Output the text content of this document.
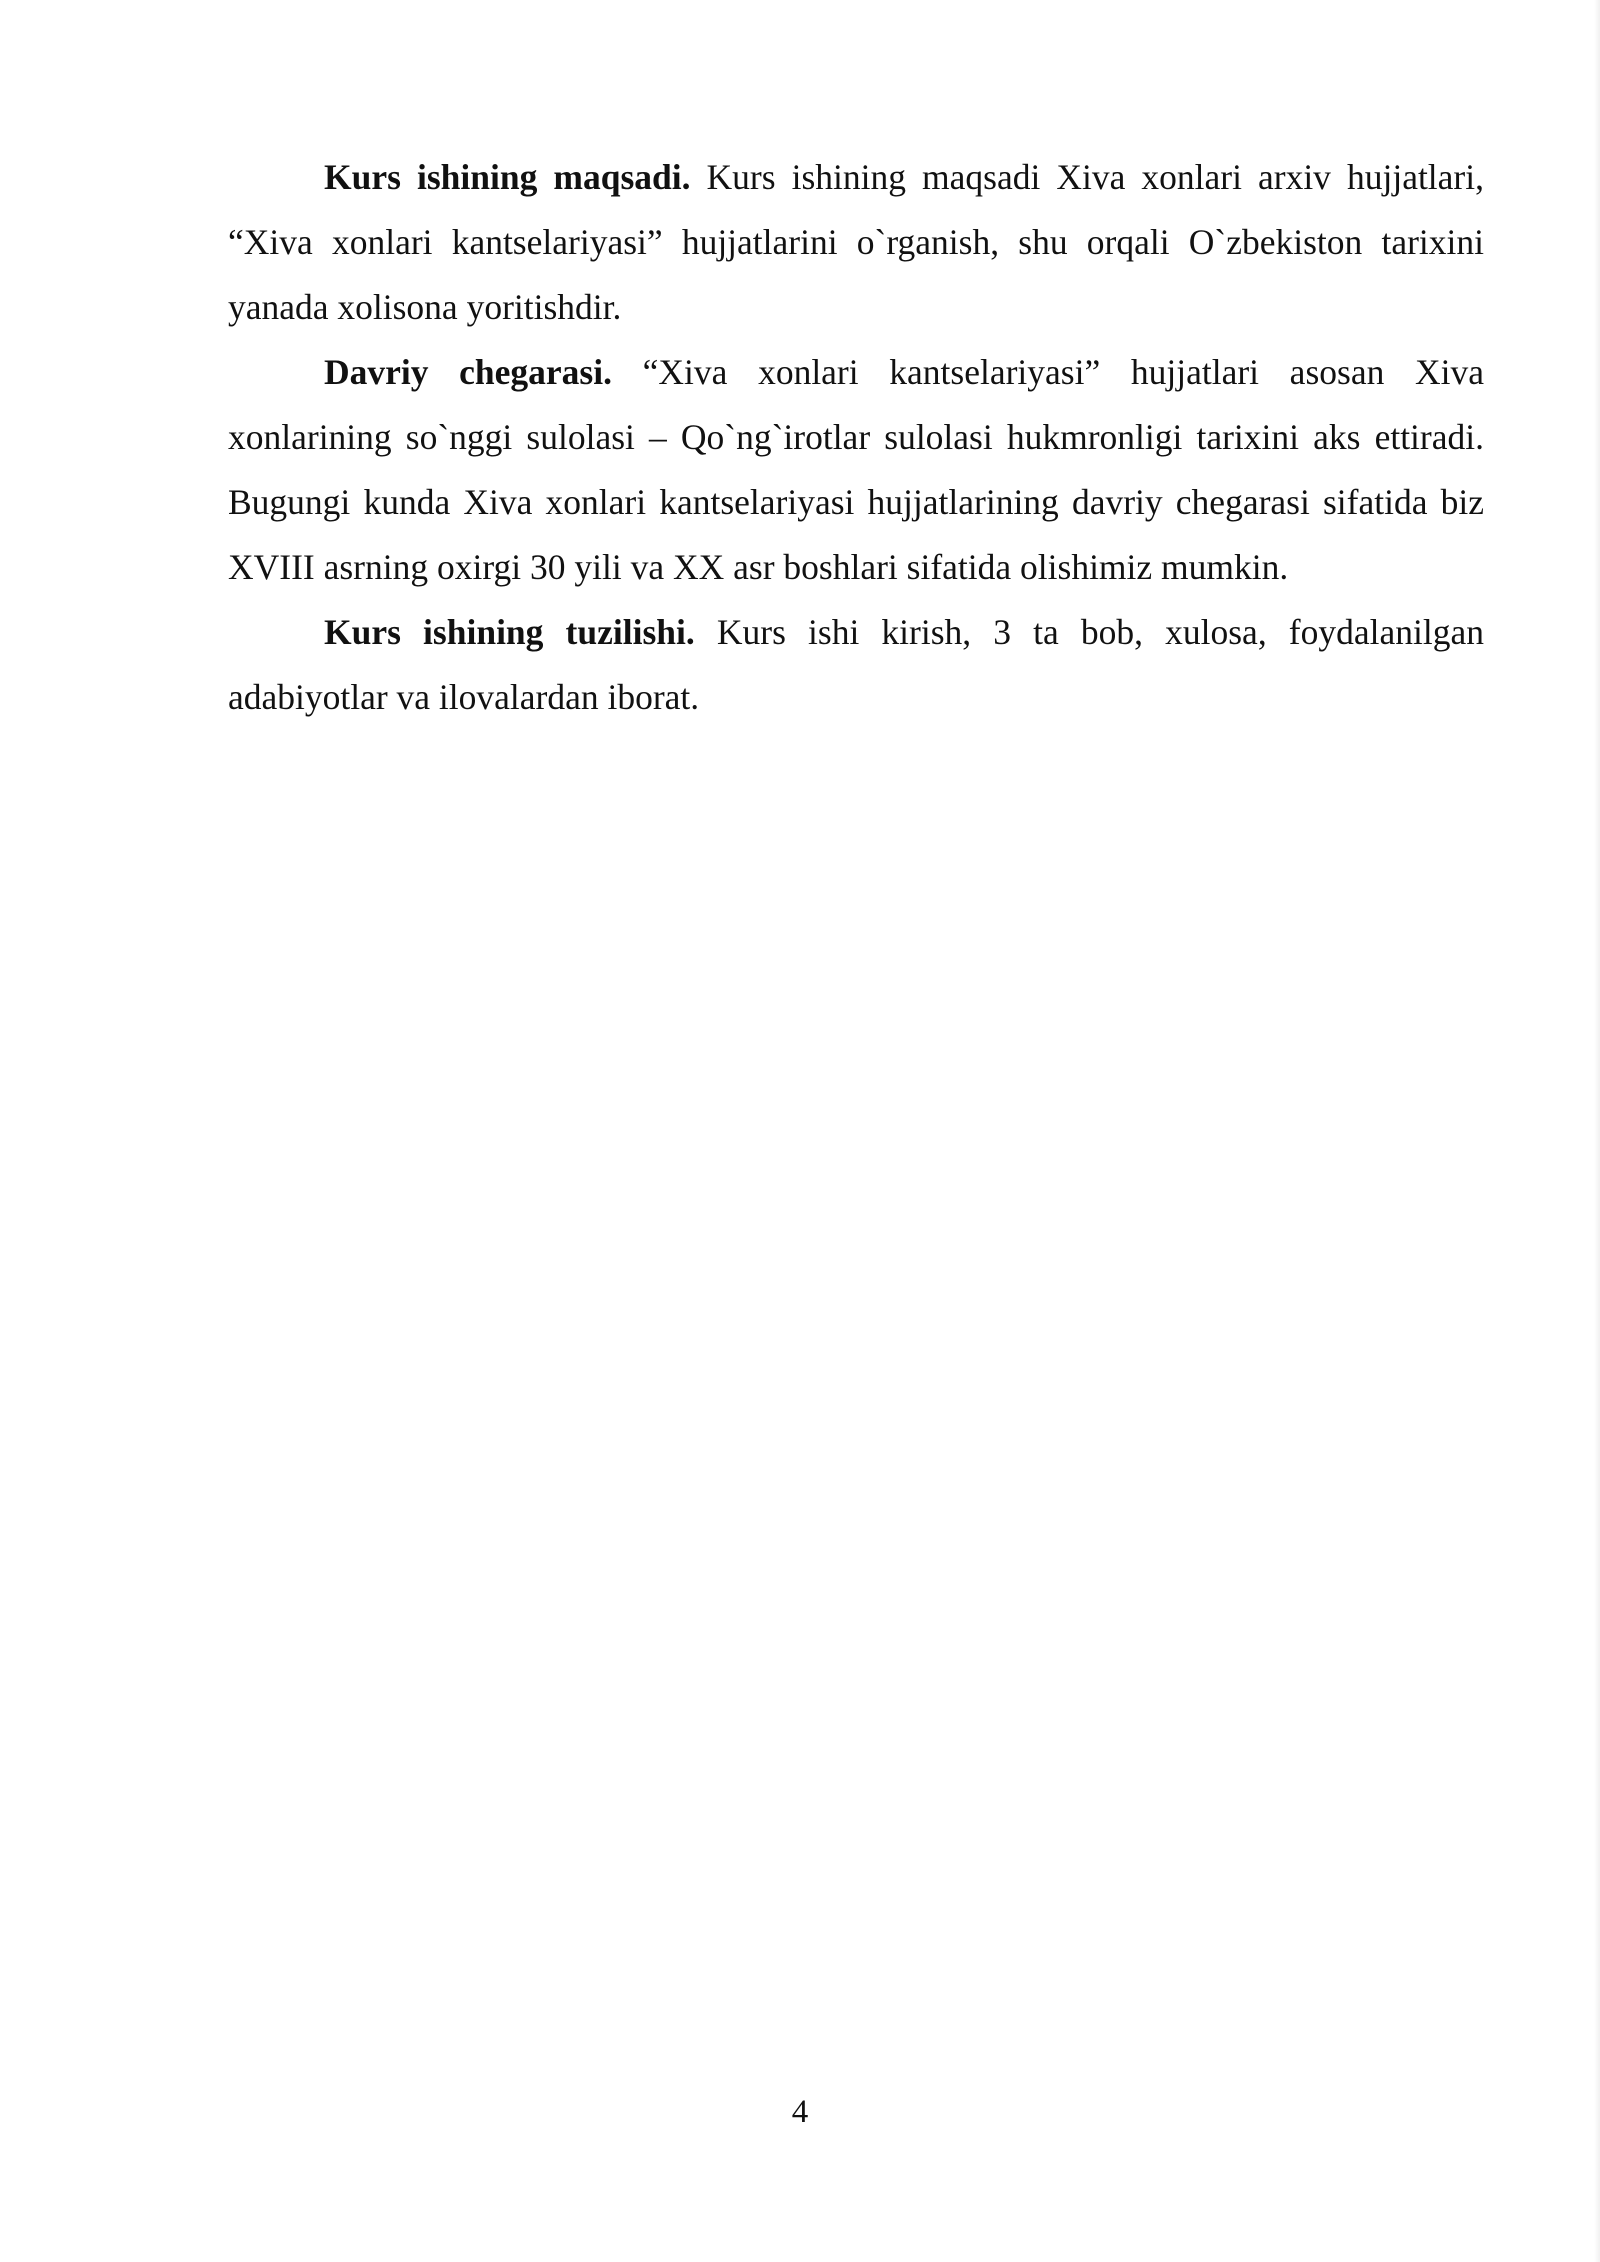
Kurs ishining maqsadi. Kurs ishining maqsadi Xiva xonlari arxiv hujjatlari, “Xiva xonlari kantselariyasi” hujjatlarini o`rganish, shu orqali O`zbekiston tarixini yanada xolisona yoritishdir.

Davriy chegarasi. “Xiva xonlari kantselariyasi” hujjatlari asosan Xiva xonlarining so`nggi sulolasi – Qo`ng`irotlar sulolasi hukmronligi tarixini aks ettiradi. Bugungi kunda Xiva xonlari kantselariyasi hujjatlarining davriy chegarasi sifatida biz XVIII asrning oxirgi 30 yili va XX asr boshlari sifatida olishimiz mumkin.

Kurs ishining tuzilishi. Kurs ishi kirish, 3 ta bob, xulosa, foydalanilgan adabiyotlar va ilovalardan iborat.

4
